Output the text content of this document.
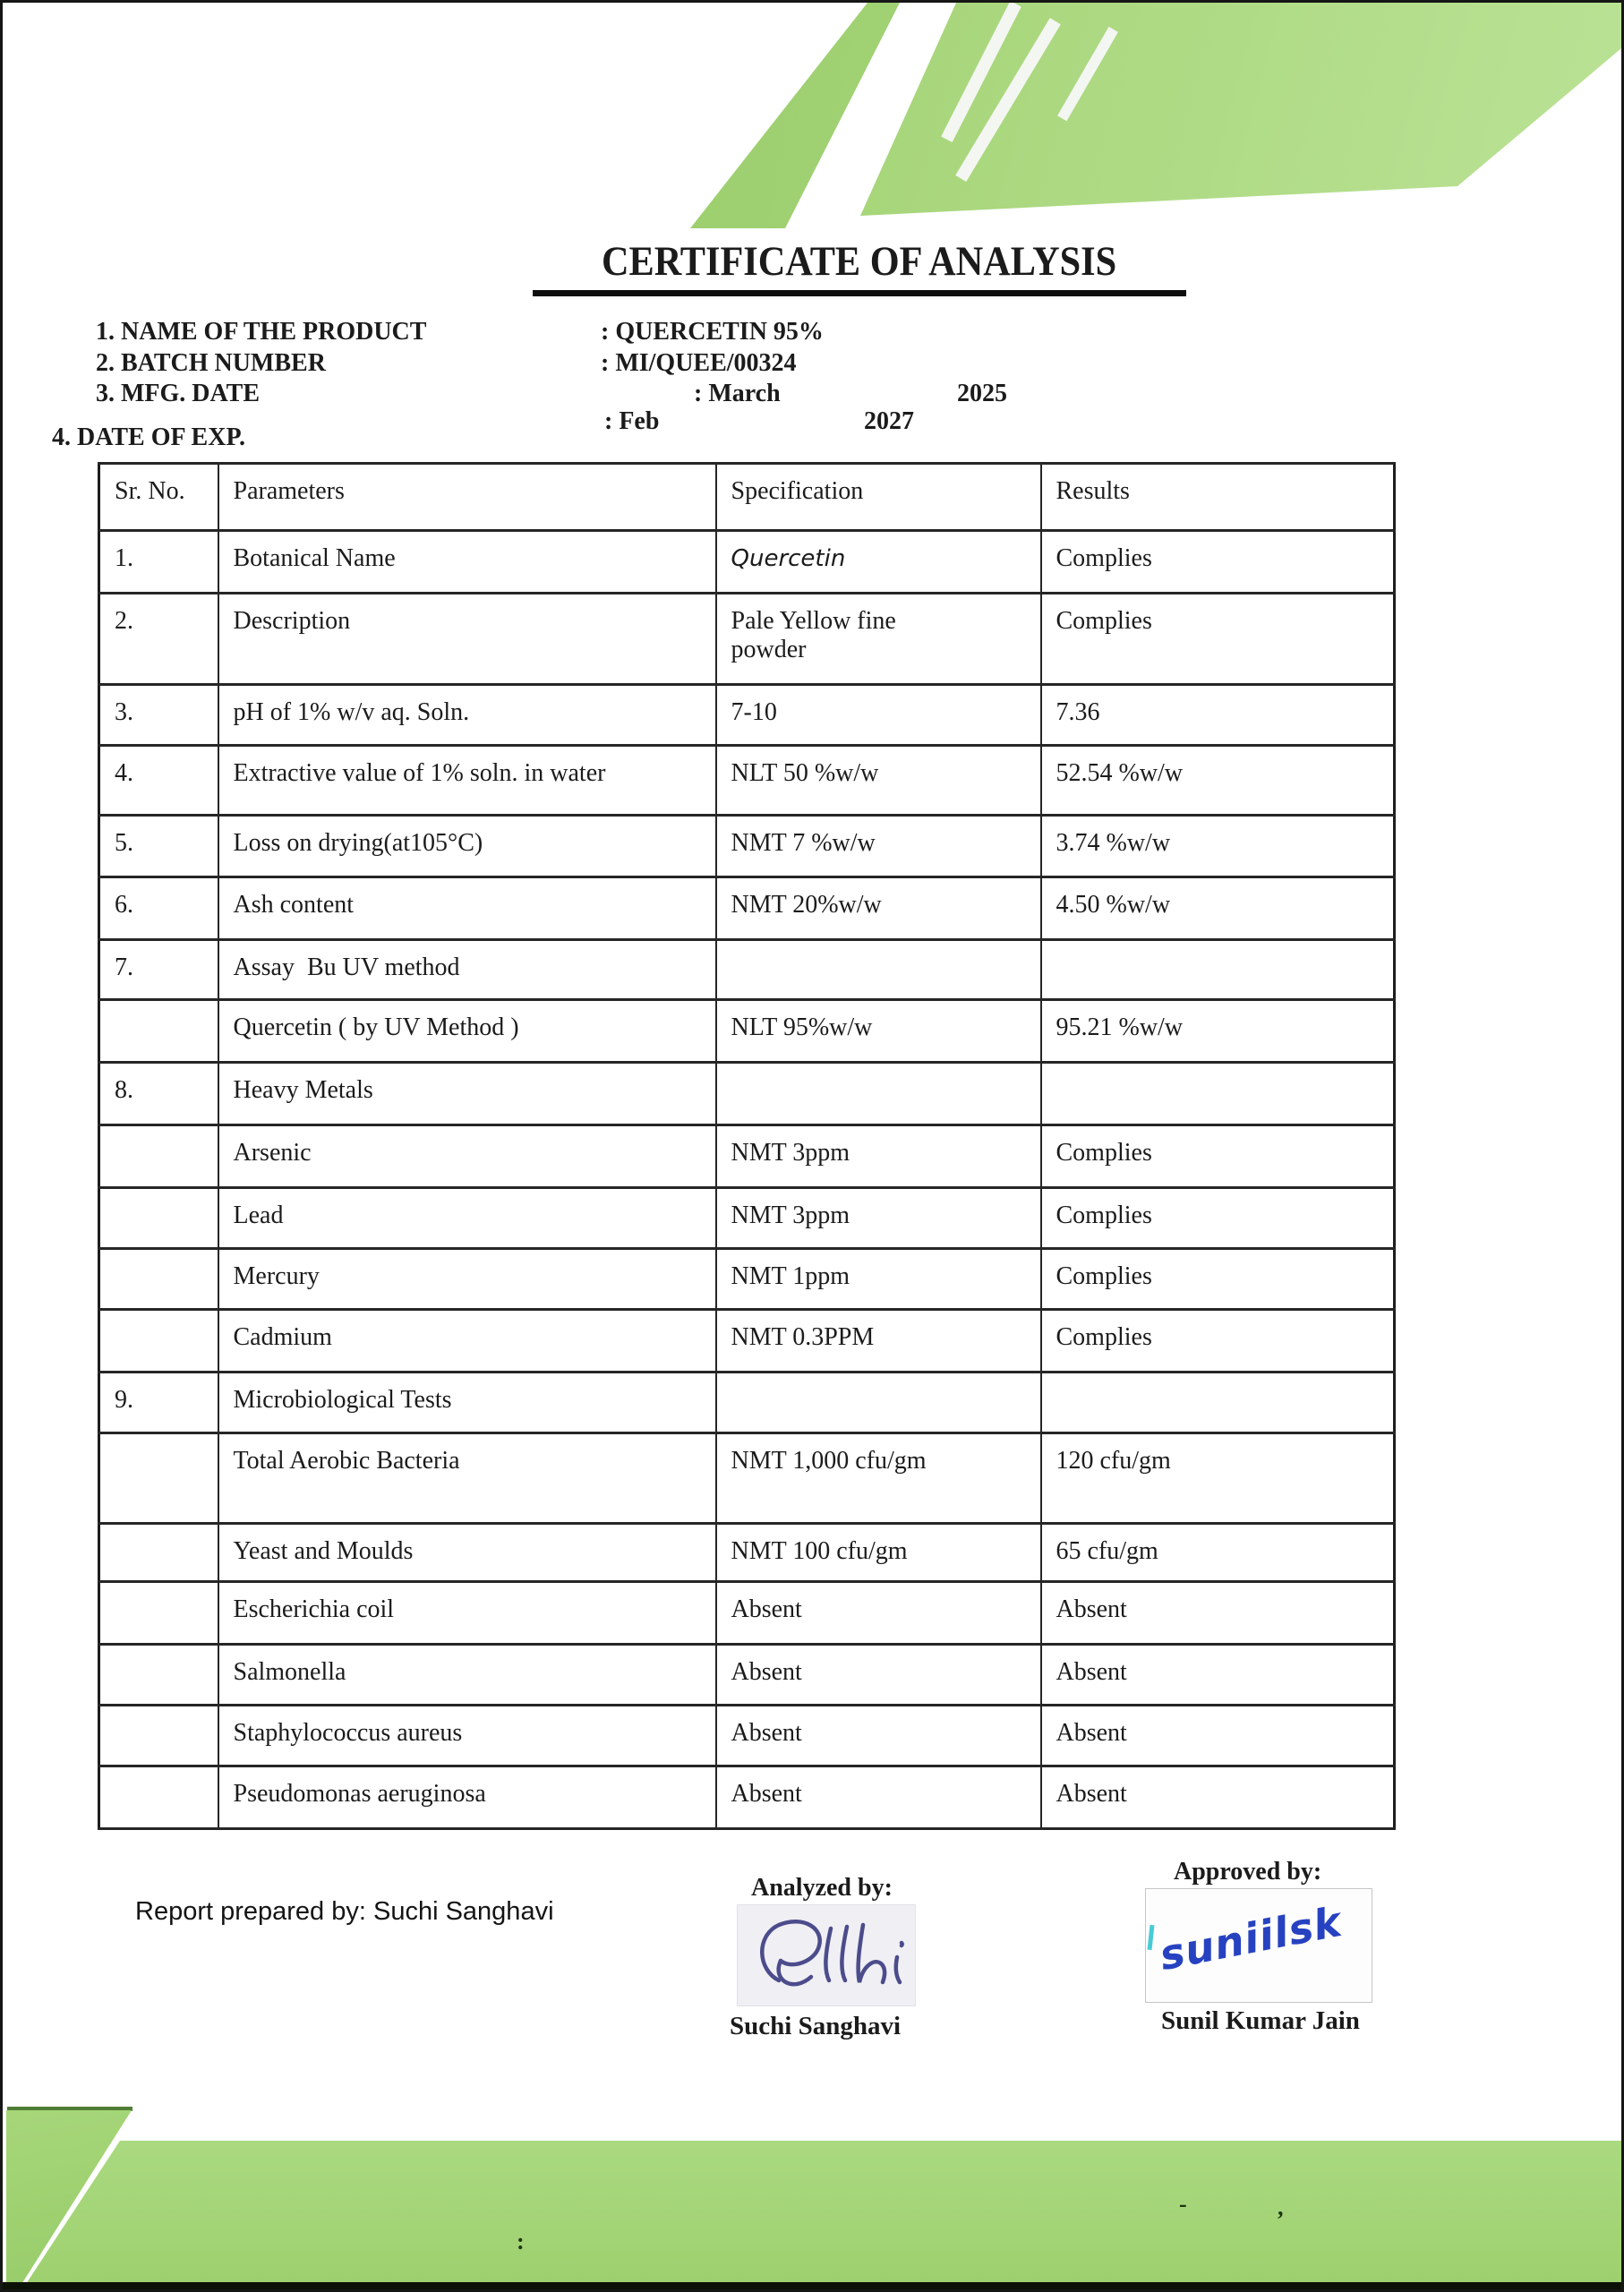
CERTIFICATE OF ANALYSIS
1. NAME OF THE PRODUCT	: QUERCETIN 95%
2. BATCH NUMBER	: MI/QUEE/00324
3. MFG. DATE	: March	2025
4. DATE OF EXP.
: Feb	2027
Sr. No.	Parameters	Specification	Results
1.	Botanical Name	Quercetin	Complies
2.	Description	Pale Yellow fine powder	Complies
3.	pH of 1% w/v aq. Soln.	7-10	7.36
4.	Extractive value of 1% soln. in water	NLT 50 %w/w	52.54 %w/w
5.	Loss on drying(at105°C)	NMT 7 %w/w	3.74 %w/w
6.	Ash content	NMT 20%w/w	4.50 %w/w
7.	Assay  Bu UV method		
	Quercetin ( by UV Method )	NLT 95%w/w	95.21 %w/w
8.	Heavy Metals		
	Arsenic	NMT 3ppm	Complies
	Lead	NMT 3ppm	Complies
	Mercury	NMT 1ppm	Complies
	Cadmium	NMT 0.3PPM	Complies
9.	Microbiological Tests		
	Total Aerobic Bacteria	NMT 1,000 cfu/gm	120 cfu/gm
	Yeast and Moulds	NMT 100 cfu/gm	65 cfu/gm
	Escherichia coil	Absent	Absent
	Salmonella	Absent	Absent
	Staphylococcus aureus	Absent	Absent
	Pseudomonas aeruginosa	Absent	Absent
Report prepared by: Suchi Sanghavi
Analyzed by:
Suchi Sanghavi
Approved by:
suniilsk
Sunil Kumar Jain
:
-	,
